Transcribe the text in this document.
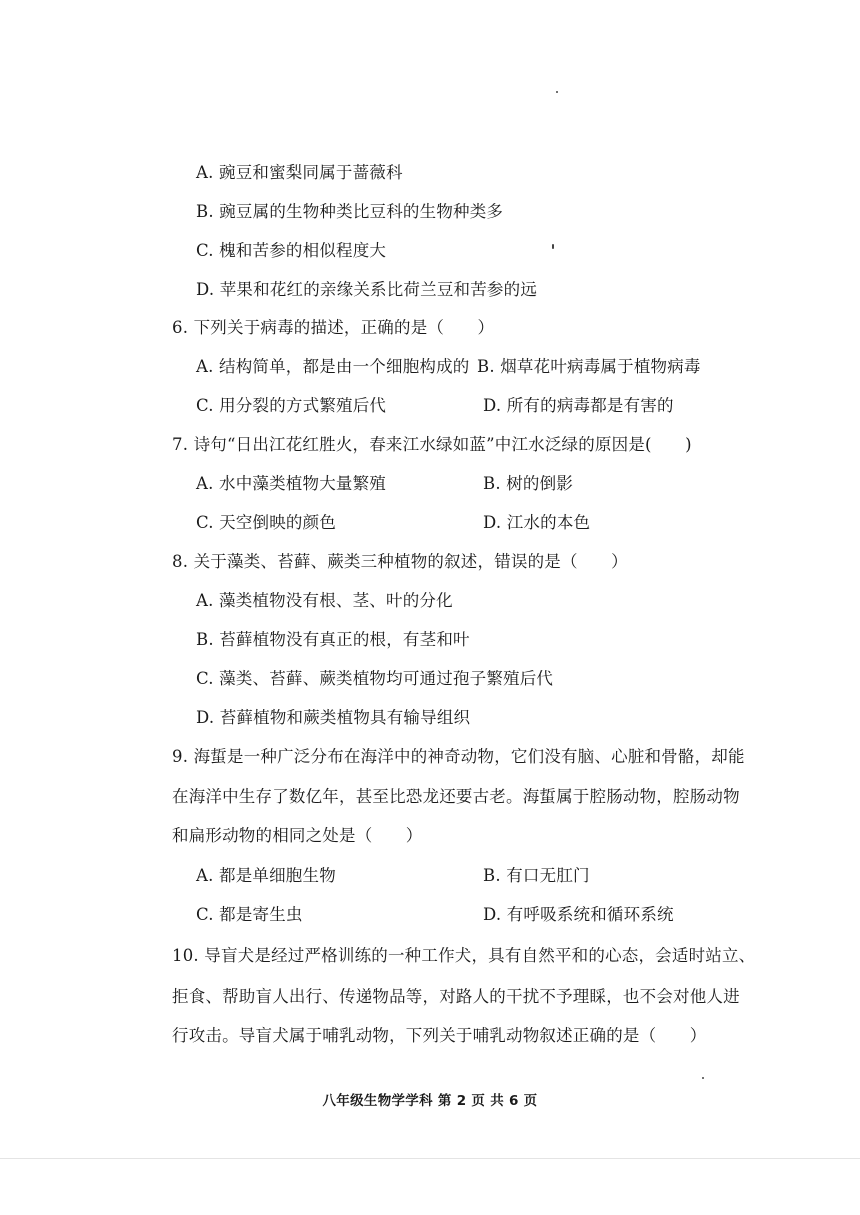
A. 豌豆和蜜梨同属于蔷薇科
B. 豌豆属的生物种类比豆科的生物种类多
C. 槐和苦参的相似程度大
D. 苹果和花红的亲缘关系比荷兰豆和苦参的远
6. 下列关于病毒的描述，正确的是（　　）
A. 结构简单，都是由一个细胞构成的 B. 烟草花叶病毒属于植物病毒
C. 用分裂的方式繁殖后代	D. 所有的病毒都是有害的
7. 诗句“日出江花红胜火，春来江水绿如蓝”中江水泛绿的原因是(　　)
A. 水中藻类植物大量繁殖	B. 树的倒影
C. 天空倒映的颜色	D. 江水的本色
8. 关于藻类、苔藓、蕨类三种植物的叙述，错误的是（　　）
A. 藻类植物没有根、茎、叶的分化
B. 苔藓植物没有真正的根，有茎和叶
C. 藻类、苔藓、蕨类植物均可通过孢子繁殖后代
D. 苔藓植物和蕨类植物具有输导组织
9. 海蜇是一种广泛分布在海洋中的神奇动物，它们没有脑、心脏和骨骼，却能
在海洋中生存了数亿年，甚至比恐龙还要古老。海蜇属于腔肠动物，腔肠动物
和扁形动物的相同之处是（　　）
A. 都是单细胞生物	B. 有口无肛门
C. 都是寄生虫	D. 有呼吸系统和循环系统
10. 导盲犬是经过严格训练的一种工作犬，具有自然平和的心态，会适时站立、
拒食、帮助盲人出行、传递物品等，对路人的干扰不予理睬，也不会对他人进
行攻击。导盲犬属于哺乳动物，下列关于哺乳动物叙述正确的是（　　）
八年级生物学学科 第 2 页 共 6 页
